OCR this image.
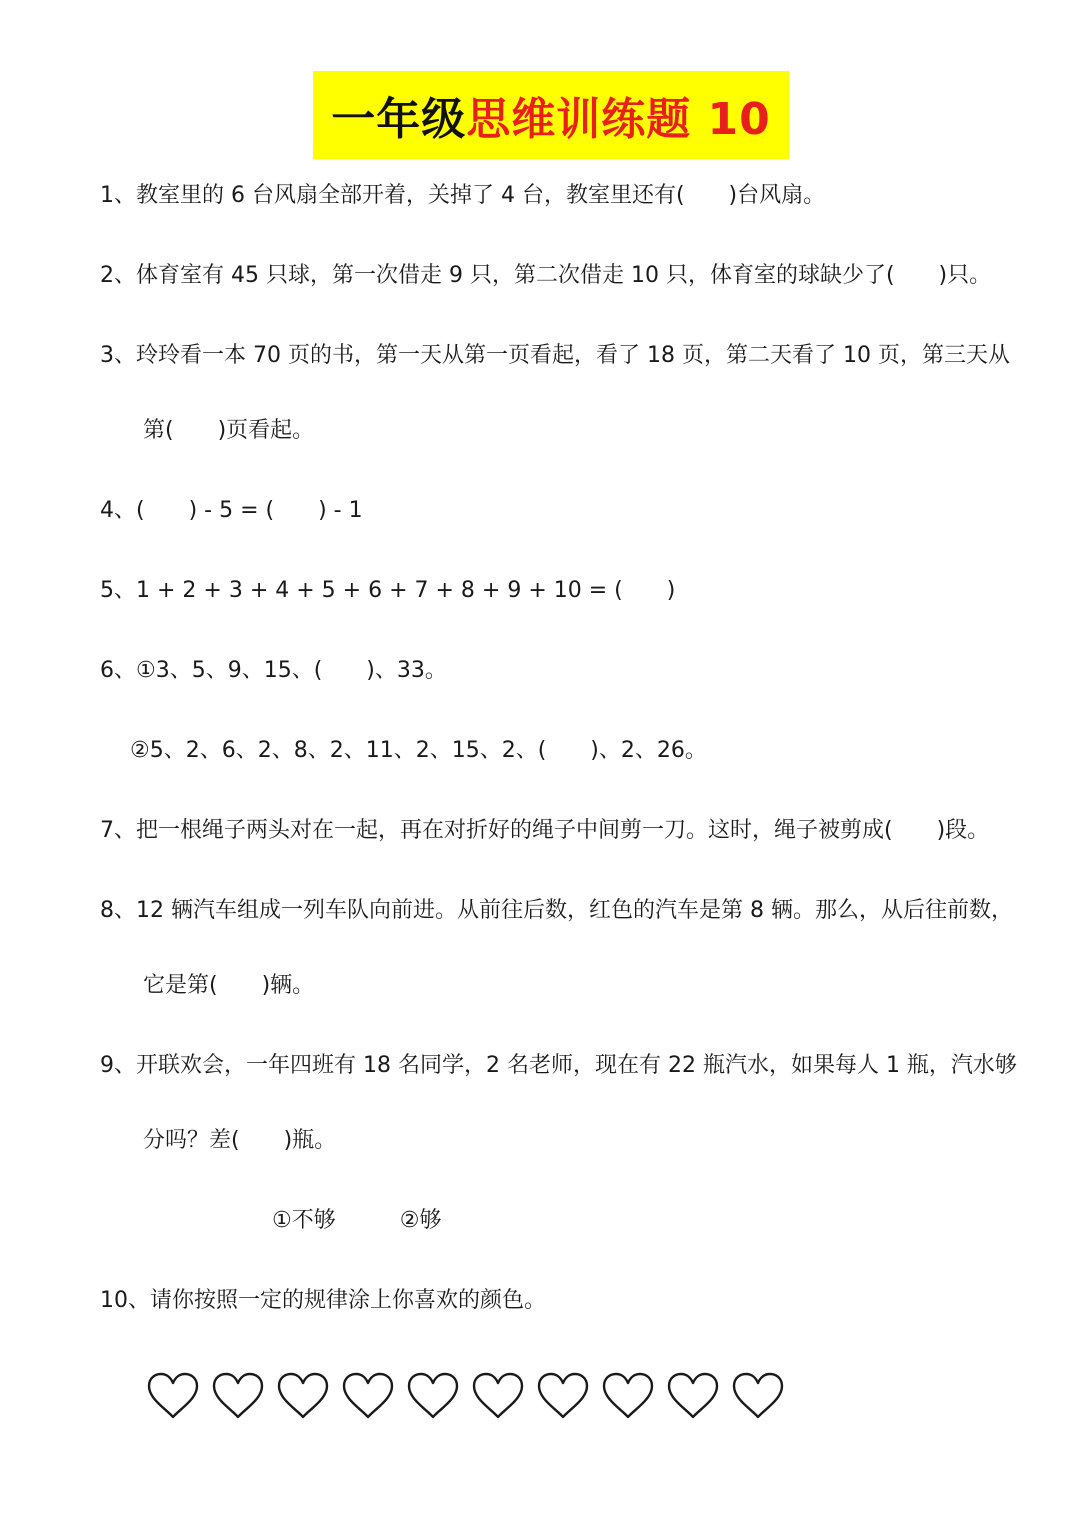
一年级 思维训练题 10
1、教室里的 6 台风扇全部开着，关掉了 4 台，教室里还有(　　)台风扇。
2、体育室有 45 只球，第一次借走 9 只，第二次借走 10 只，体育室的球缺少了(　　)只。
3、玲玲看一本 70 页的书，第一天从第一页看起，看了 18 页，第二天看了 10 页，第三天从
第(　　)页看起。
4、(　　) - 5 = (　　) - 1
5、1 + 2 + 3 + 4 + 5 + 6 + 7 + 8 + 9 + 10 = (　　)
6、①3、5、9、15、(　　)、33。
②5、2、6、2、8、2、11、2、15、2、(　　)、2、26。
7、把一根绳子两头对在一起，再在对折好的绳子中间剪一刀。这时，绳子被剪成(　　)段。
8、12 辆汽车组成一列车队向前进。从前往后数，红色的汽车是第 8 辆。那么，从后往前数，
它是第(　　)辆。
9、开联欢会，一年四班有 18 名同学，2 名老师，现在有 22 瓶汽水，如果每人 1 瓶，汽水够
分吗？差(　　)瓶。
①不够	②够
10、请你按照一定的规律涂上你喜欢的颜色。
